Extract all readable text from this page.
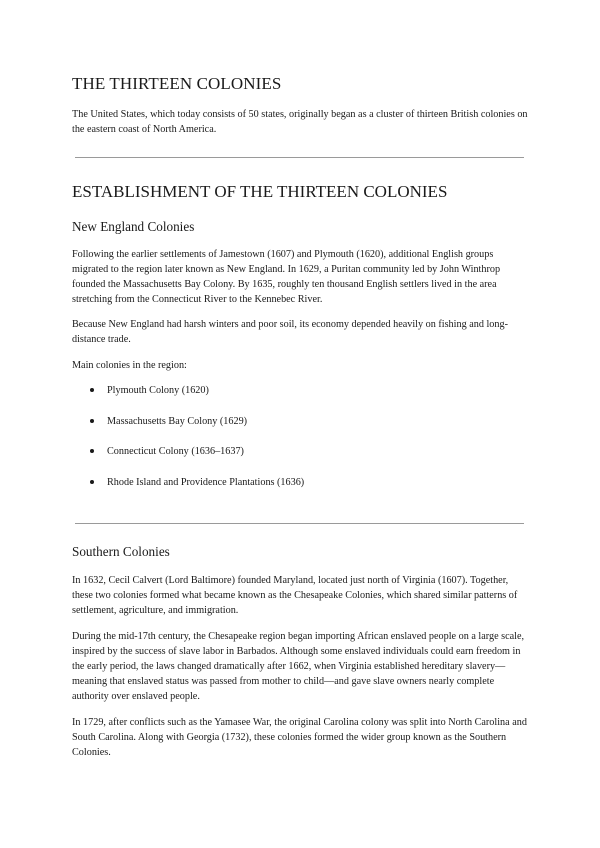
THE THIRTEEN COLONIES

The United States, which today consists of 50 states, originally began as a cluster of thirteen British colonies on the eastern coast of North America.

ESTABLISHMENT OF THE THIRTEEN COLONIES
New England Colonies

Following the earlier settlements of Jamestown (1607) and Plymouth (1620), additional English groups migrated to the region later known as New England. In 1629, a Puritan community led by John Winthrop founded the Massachusetts Bay Colony. By 1635, roughly ten thousand English settlers lived in the area stretching from the Connecticut River to the Kennebec River.

Because New England had harsh winters and poor soil, its economy depended heavily on fishing and long-distance trade.

Main colonies in the region:

Plymouth Colony (1620)
Massachusetts Bay Colony (1629)
Connecticut Colony (1636–1637)
Rhode Island and Providence Plantations (1636)
Southern Colonies

In 1632, Cecil Calvert (Lord Baltimore) founded Maryland, located just north of Virginia (1607). Together, these two colonies formed what became known as the Chesapeake Colonies, which shared similar patterns of settlement, agriculture, and immigration.

During the mid-17th century, the Chesapeake region began importing African enslaved people on a large scale, inspired by the success of slave labor in Barbados. Although some enslaved individuals could earn freedom in the early period, the laws changed dramatically after 1662, when Virginia established hereditary slavery—meaning that enslaved status was passed from mother to child—and gave slave owners nearly complete authority over enslaved people.

In 1729, after conflicts such as the Yamasee War, the original Carolina colony was split into North Carolina and South Carolina. Along with Georgia (1732), these colonies formed the wider group known as the Southern Colonies.
